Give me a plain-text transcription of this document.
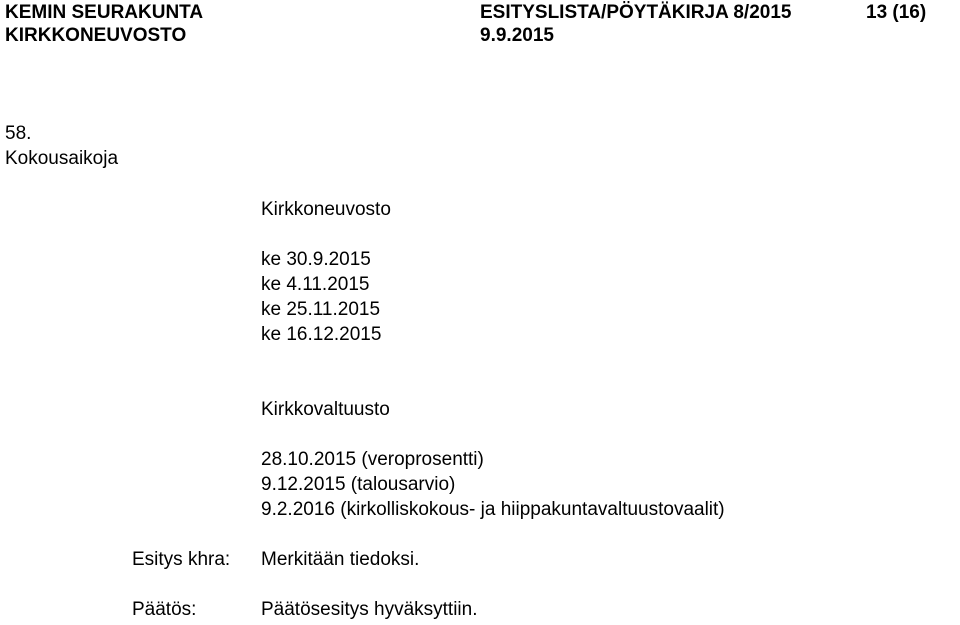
KEMIN SEURAKUNTA
KIRKKONEUVOSTO
ESITYSLISTA/PÖYTÄKIRJA 8/2015
9.9.2015
13 (16)
58.
Kokousaikoja
Kirkkoneuvosto
ke 30.9.2015
ke 4.11.2015
ke 25.11.2015
ke 16.12.2015
Kirkkovaltuusto
28.10.2015 (veroprosentti)
9.12.2015 (talousarvio)
9.2.2016 (kirkolliskokous- ja hiippakuntavaltuustovaalit)
Esitys khra: Merkitään tiedoksi.
Päätös:	Päätösesitys hyväksyttiin.
